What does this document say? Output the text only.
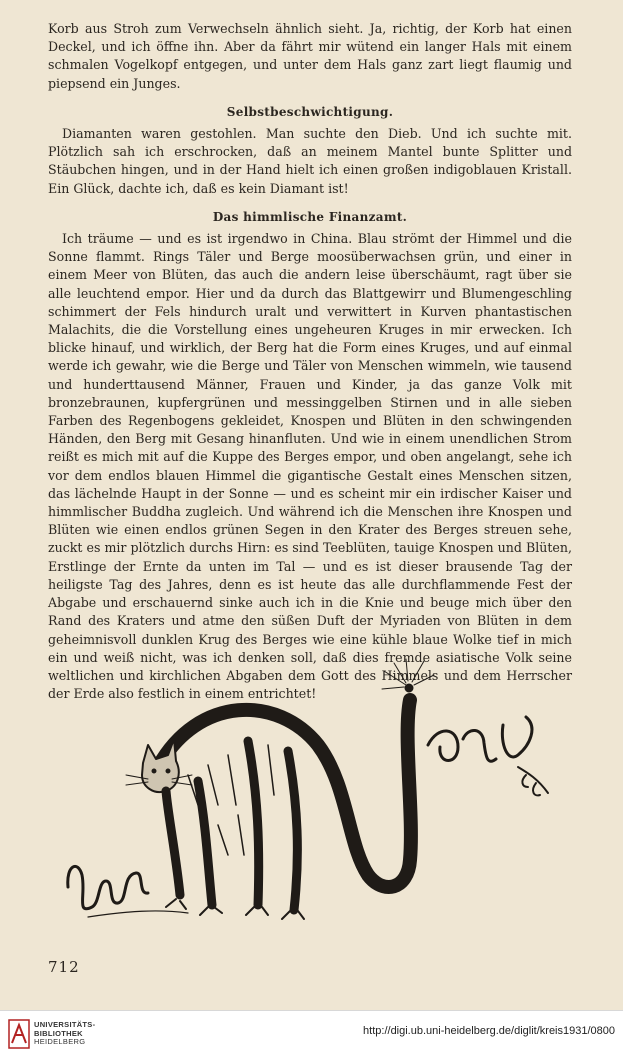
Korb aus Stroh zum Verwechseln ähnlich sieht. Ja, richtig, der Korb hat einen Deckel, und ich öffne ihn. Aber da fährt mir wütend ein langer Hals mit einem schmalen Vogelkopf entgegen, und unter dem Hals ganz zart liegt flaumig und piepsend ein Junges.

Selbstbeschwichtigung.

Diamanten waren gestohlen. Man suchte den Dieb. Und ich suchte mit. Plötzlich sah ich erschrocken, daß an meinem Mantel bunte Splitter und Stäubchen hingen, und in der Hand hielt ich einen großen indigoblauen Kristall. Ein Glück, dachte ich, daß es kein Diamant ist!

Das himmlische Finanzamt.

Ich träume — und es ist irgendwo in China. Blau strömt der Himmel und die Sonne flammt. Rings Täler und Berge moosüberwachsen grün, und einer in einem Meer von Blüten, das auch die andern leise überschäumt, ragt über sie alle leuchtend empor. Hier und da durch das Blattgewirr und Blumengeschling schimmert der Fels hindurch uralt und verwittert in Kurven phantastischen Malachits, die die Vorstellung eines ungeheuren Kruges in mir erwecken. Ich blicke hinauf, und wirklich, der Berg hat die Form eines Kruges, und auf einmal werde ich gewahr, wie die Berge und Täler von Menschen wimmeln, wie tausend und hunderttausend Männer, Frauen und Kinder, ja das ganze Volk mit bronzebraunen, kupfergrünen und messinggelben Stirnen und in alle sieben Farben des Regenbogens gekleidet, Knospen und Blüten in den schwingenden Händen, den Berg mit Gesang hinanfluten. Und wie in einem unendlichen Strom reißt es mich mit auf die Kuppe des Berges empor, und oben angelangt, sehe ich vor dem endlos blauen Himmel die gigantische Gestalt eines Menschen sitzen, das lächelnde Haupt in der Sonne — und es scheint mir ein irdischer Kaiser und himmlischer Buddha zugleich. Und während ich die Menschen ihre Knospen und Blüten wie einen endlos grünen Segen in den Krater des Berges streuen sehe, zuckt es mir plötzlich durchs Hirn: es sind Teeblüten, tauige Knospen und Blüten, Erstlinge der Ernte da unten im Tal — und es ist dieser brausende Tag der heiligste Tag des Jahres, denn es ist heute das alle durchflammende Fest der Abgabe und erschauernd sinke auch ich in die Knie und beuge mich über den Rand des Kraters und atme den süßen Duft der Myriaden von Blüten in dem geheimnisvoll dunklen Krug des Berges wie eine kühle blaue Wolke tief in mich ein und weiß nicht, was ich denken soll, daß dies fremde asiatische Volk seine weltlichen und kirchlichen Abgaben dem Gott des Himmels und dem Herrscher der Erde also festlich in einem entrichtet!

712
UNIVERSITÄTS-
BIBLIOTHEK
HEIDELBERG
http://digi.ub.uni-heidelberg.de/diglit/kreis1931/0800
